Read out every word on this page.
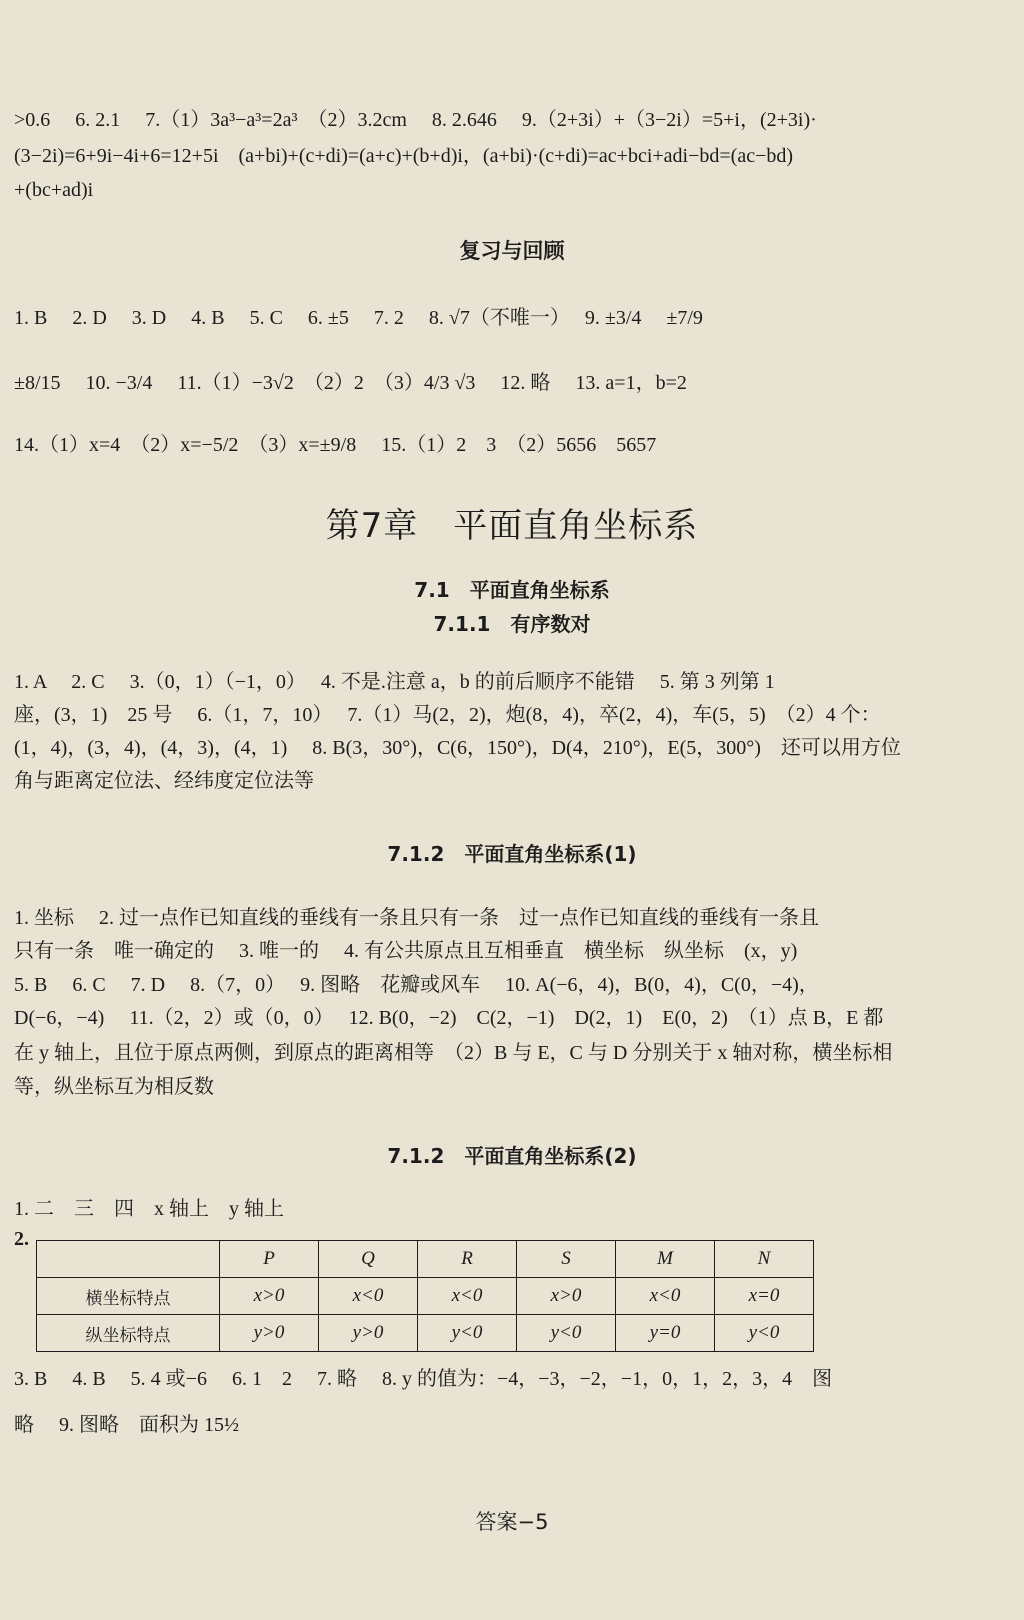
>0.6　 6. 2.1　 7.（1）3a³−a³=2a³　（2）3.2cm　 8. 2.646　 9.（2+3i）+（3−2i）=5+i，(2+3i)·
(3−2i)=6+9i−4i+6=12+5i　(a+bi)+(c+di)=(a+c)+(b+d)i，(a+bi)·(c+di)=ac+bci+adi−bd=(ac−bd)
+(bc+ad)i
复习与回顾
1. B　 2. D　 3. D　 4. B　 5. C　 6. ±5　 7. 2　 8. √7（不唯一）　 9. ±3/4　 ±7/9
±8/15　 10. −3/4　 11.（1）−3√2　（2）2　（3）4/3 √3　 12. 略　 13. a=1，b=2
14.（1）x=4　（2）x=−5/2　（3）x=±9/8　 15.（1）2　3　（2）5656　5657
第7章　平面直角坐标系
7.1　平面直角坐标系
7.1.1　有序数对
1. A　 2. C　 3.（0，1）（−1，0）　 4. 不是.注意 a，b 的前后顺序不能错　 5. 第 3 列第 1
座，(3，1)　25 号　 6.（1，7，10）　 7.（1）马(2，2)，炮(8，4)，卒(2，4)，车(5，5)　（2）4 个：
(1，4)，(3，4)，(4，3)，(4，1)　 8. B(3，30°)，C(6，150°)，D(4，210°)，E(5，300°)　还可以用方位
角与距离定位法、经纬度定位法等
7.1.2　平面直角坐标系(1)
1. 坐标　 2. 过一点作已知直线的垂线有一条且只有一条　过一点作已知直线的垂线有一条且
只有一条　唯一确定的　 3. 唯一的　 4. 有公共原点且互相垂直　横坐标　纵坐标　(x，y)
5. B　 6. C　 7. D　 8.（7，0）　 9. 图略　花瓣或风车　 10. A(−6，4)，B(0，4)，C(0，−4)，
D(−6，−4)　 11.（2，2）或（0，0）　 12. B(0，−2)　C(2，−1)　D(2，1)　E(0，2)　（1）点 B，E 都
在 y 轴上，且位于原点两侧，到原点的距离相等　（2）B 与 E，C 与 D 分别关于 x 轴对称，横坐标相
等，纵坐标互为相反数
7.1.2　平面直角坐标系(2)
1. 二　三　四　x 轴上　y 轴上
2.
	P	Q	R	S	M	N
横坐标特点	x>0	x<0	x<0	x>0	x<0	x=0
纵坐标特点	y>0	y>0	y<0	y<0	y=0	y<0
3. B　 4. B　 5. 4 或−6　 6. 1　2　 7. 略　 8. y 的值为：−4，−3，−2，−1，0，1，2，3，4　图
略　 9. 图略　面积为 15½
答案−5
